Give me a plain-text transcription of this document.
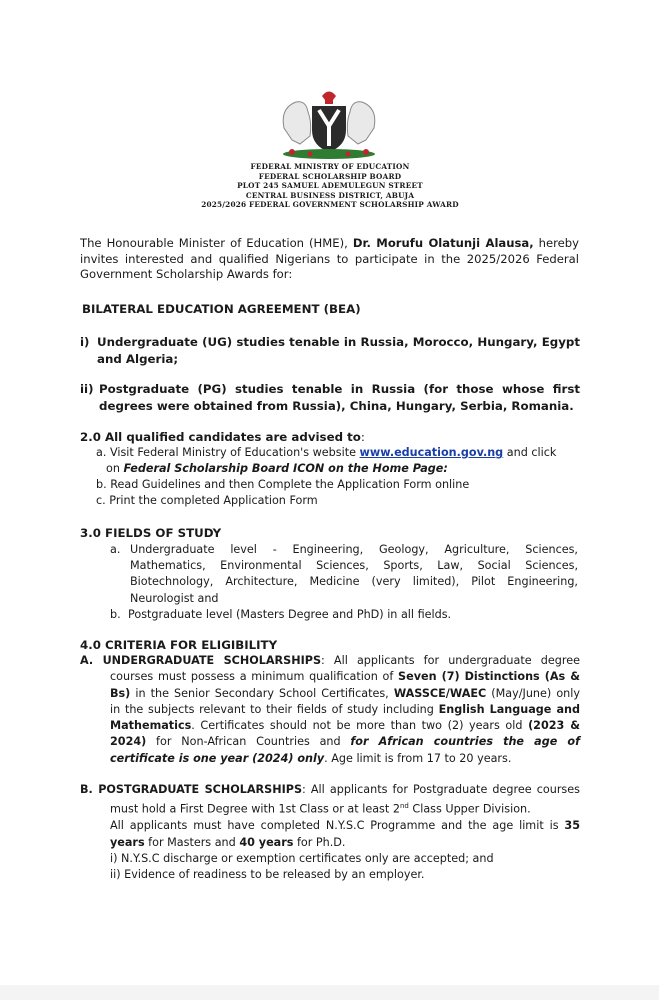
FEDERAL MINISTRY OF EDUCATION
FEDERAL SCHOLARSHIP BOARD
PLOT 245 SAMUEL ADEMULEGUN STREET
CENTRAL BUSINESS DISTRICT, ABUJA
2025/2026 FEDERAL GOVERNMENT SCHOLARSHIP AWARD
The Honourable Minister of Education (HME), Dr. Morufu Olatunji Alausa, hereby invites interested and qualified Nigerians to participate in the 2025/2026 Federal Government Scholarship Awards for:
BILATERAL EDUCATION AGREEMENT (BEA)
i) Undergraduate (UG) studies tenable in Russia, Morocco, Hungary, Egypt and Algeria;
ii) Postgraduate (PG) studies tenable in Russia (for those whose first degrees were obtained from Russia), China, Hungary, Serbia, Romania.
2.0 All qualified candidates are advised to:
a. Visit Federal Ministry of Education's website www.education.gov.ng and click
on Federal Scholarship Board ICON on the Home Page:
b. Read Guidelines and then Complete the Application Form online
c. Print the completed Application Form
3.0 FIELDS OF STUDY
a. Undergraduate level - Engineering, Geology, Agriculture, Sciences, Mathematics, Environmental Sciences, Sports, Law, Social Sciences, Biotechnology, Architecture, Medicine (very limited), Pilot Engineering, Neurologist and
b. Postgraduate level (Masters Degree and PhD) in all fields.
4.0 CRITERIA FOR ELIGIBILITY
A. UNDERGRADUATE SCHOLARSHIPS: All applicants for undergraduate degree courses must possess a minimum qualification of Seven (7) Distinctions (As & Bs) in the Senior Secondary School Certificates, WASSCE/WAEC (May/June) only in the subjects relevant to their fields of study including English Language and Mathematics. Certificates should not be more than two (2) years old (2023 & 2024) for Non-African Countries and for African countries the age of certificate is one year (2024) only. Age limit is from 17 to 20 years.
B. POSTGRADUATE SCHOLARSHIPS: All applicants for Postgraduate degree courses must hold a First Degree with 1st Class or at least 2nd Class Upper Division.
All applicants must have completed N.Y.S.C Programme and the age limit is 35 years for Masters and 40 years for Ph.D.
i) N.Y.S.C discharge or exemption certificates only are accepted; and
ii) Evidence of readiness to be released by an employer.
